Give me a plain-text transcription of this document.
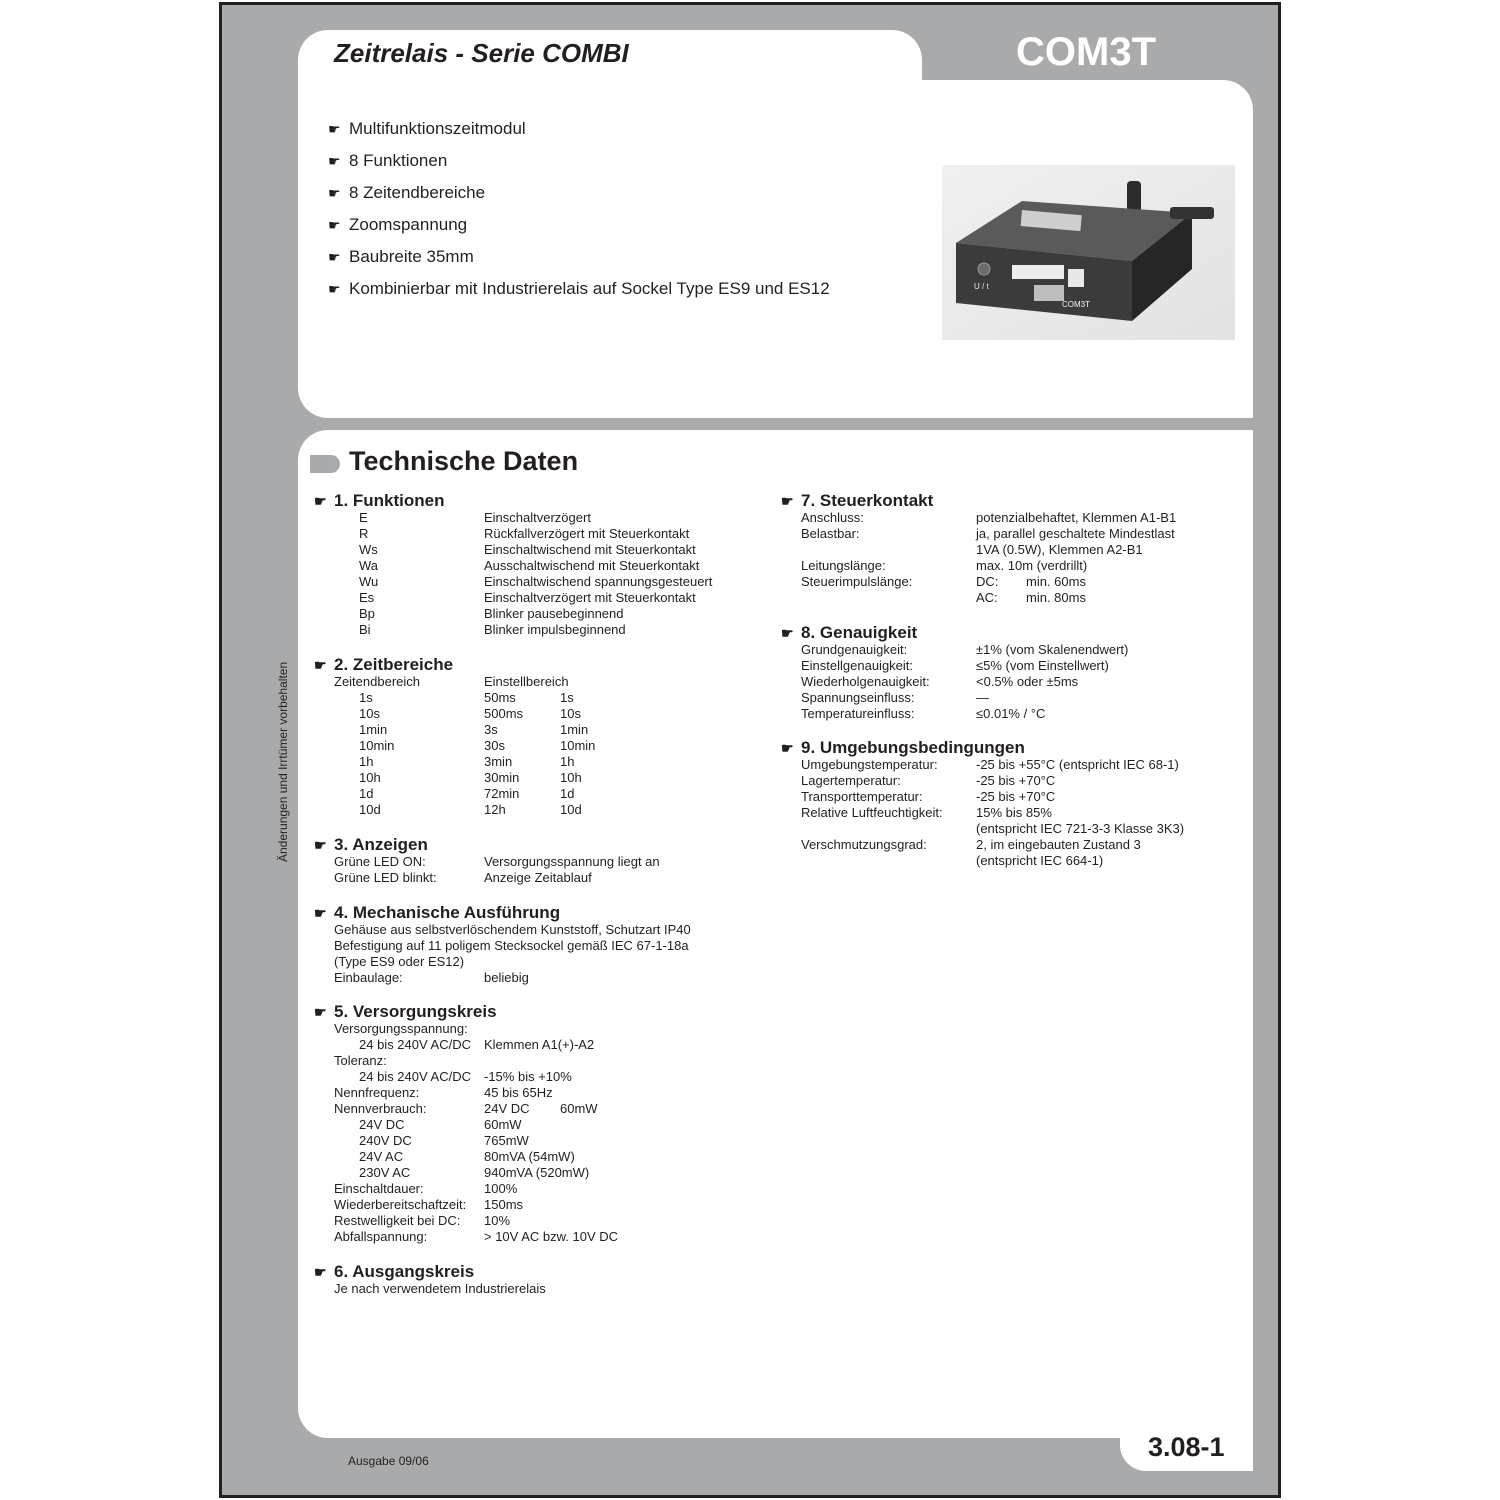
Zeitrelais - Serie COMBI	COM3T
☛ Multifunktionszeitmodul
☛ 8 Funktionen
☛ 8 Zeitendbereiche
☛ Zoomspannung
☛ Baubreite 35mm
☛ Kombinierbar mit Industrierelais auf Sockel Type ES9 und ES12	U / t
COM3T
Technische Daten
☛ 1. Funktionen
E	Einschaltverzögert
R	Rückfallverzögert mit Steuerkontakt
Ws	Einschaltwischend mit Steuerkontakt
Wa	Ausschaltwischend mit Steuerkontakt
Wu	Einschaltwischend spannungsgesteuert
Es	Einschaltverzögert mit Steuerkontakt
Bp	Blinker pausebeginnend
Bi	Blinker impulsbeginnend
☛ 2. Zeitbereiche
Zeitendbereich	Einstellbereich
1s	50ms	1s
10s	500ms	10s
1min	3s	1min
10min	30s	10min
1h	3min	1h
10h	30min	10h
1d	72min	1d
10d	12h	10d
☛ 3. Anzeigen
Grüne LED ON:	Versorgungsspannung liegt an
Grüne LED blinkt:	Anzeige Zeitablauf
☛ 4. Mechanische Ausführung
Gehäuse aus selbstverlöschendem Kunststoff, Schutzart IP40
Befestigung auf 11 poligem Stecksockel gemäß IEC 67-1-18a
(Type ES9 oder ES12)
Einbaulage:	beliebig
☛ 5. Versorgungskreis
Versorgungsspannung:
24 bis 240V AC/DC Klemmen A1(+)-A2
Toleranz:
24 bis 240V AC/DC -15% bis +10%
Nennfrequenz:	45 bis 65Hz
Nennverbrauch:	24V DC 60mW
24V DC	60mW
240V DC	765mW
24V AC	80mVA (54mW)
230V AC	940mVA (520mW)
Einschaltdauer:	100%
Wiederbereitschaftzeit: 150ms
Restwelligkeit bei DC: 10%
Abfallspannung:	> 10V AC bzw. 10V DC
☛ 6. Ausgangskreis
Je nach verwendetem Industrierelais
☛ 7. Steuerkontakt
Anschluss:	potenzialbehaftet, Klemmen A1-B1
Belastbar:	ja, parallel geschaltete Mindestlast
1VA (0.5W), Klemmen A2-B1
Leitungslänge:	max. 10m (verdrillt)
Steuerimpulslänge:	DC: min. 60ms
AC: min. 80ms
☛ 8. Genauigkeit
Grundgenauigkeit:	±1% (vom Skalenendwert)
Einstellgenauigkeit:	≤5% (vom Einstellwert)
Wiederholgenauigkeit:	<0.5% oder ±5ms
Spannungseinfluss:	—
Temperatureinfluss:	≤0.01% / °C
☛ 9. Umgebungsbedingungen
Umgebungstemperatur:	-25 bis +55°C (entspricht IEC 68-1)
Lagertemperatur:	-25 bis +70°C
Transporttemperatur:	-25 bis +70°C
Relative Luftfeuchtigkeit:	15% bis 85%
(entspricht IEC 721-3-3 Klasse 3K3)
Verschmutzungsgrad:	2, im eingebauten Zustand 3
(entspricht IEC 664-1)
Änderungen und Irrtümer vorbehalten
Ausgabe 09/06	3.08-1
